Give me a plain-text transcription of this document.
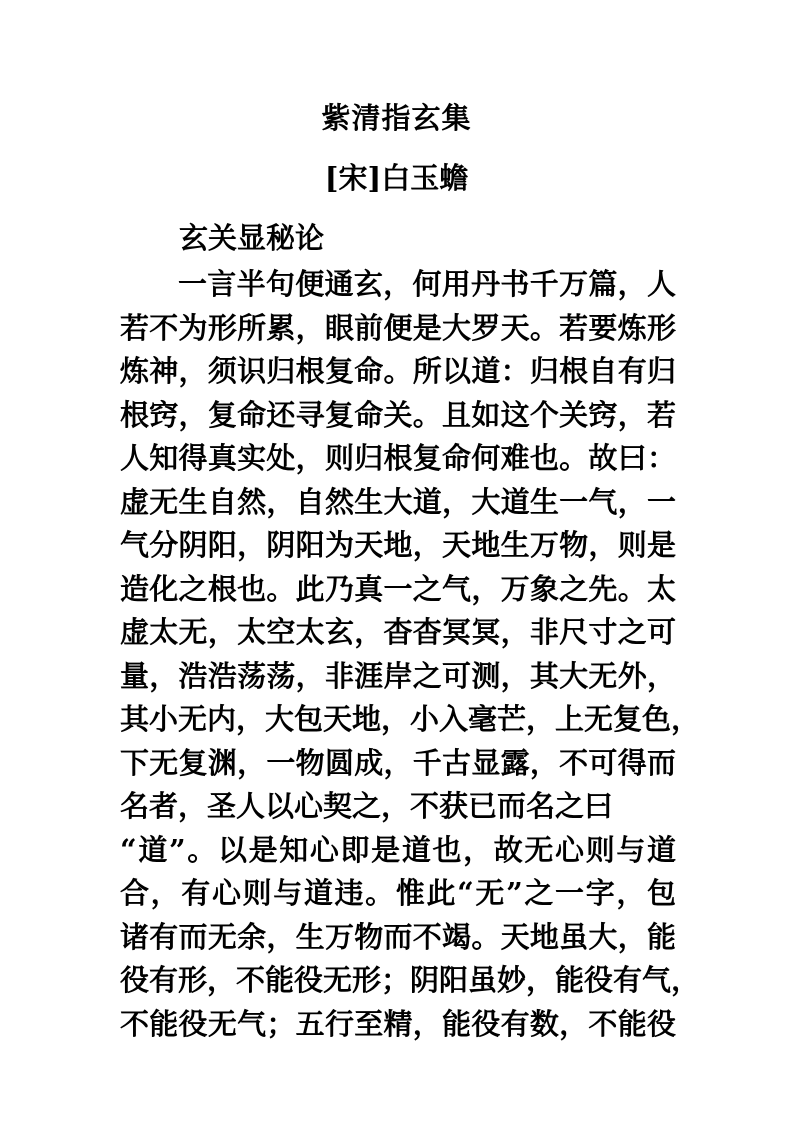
紫清指玄集
[宋]白玉蟾
玄关显秘论
一言半句便通玄，何用丹书千万篇，人
若不为形所累，眼前便是大罗天。若要炼形
炼神，须识归根复命。所以道：归根自有归
根窍，复命还寻复命关。且如这个关窍，若
人知得真实处，则归根复命何难也。故曰：
虚无生自然，自然生大道，大道生一气，一
气分阴阳，阴阳为天地，天地生万物，则是
造化之根也。此乃真一之气，万象之先。太
虚太无，太空太玄，杳杳冥冥，非尺寸之可
量，浩浩荡荡，非涯岸之可测，其大无外，
其小无内，大包天地，小入毫芒，上无复色，
下无复渊，一物圆成，千古显露，不可得而
名者，圣人以心契之，不获已而名之曰
“道”。以是知心即是道也，故无心则与道
合，有心则与道违。惟此“无”之一字，包
诸有而无余，生万物而不竭。天地虽大，能
役有形，不能役无形；阴阳虽妙，能役有气，
不能役无气；五行至精，能役有数，不能役
